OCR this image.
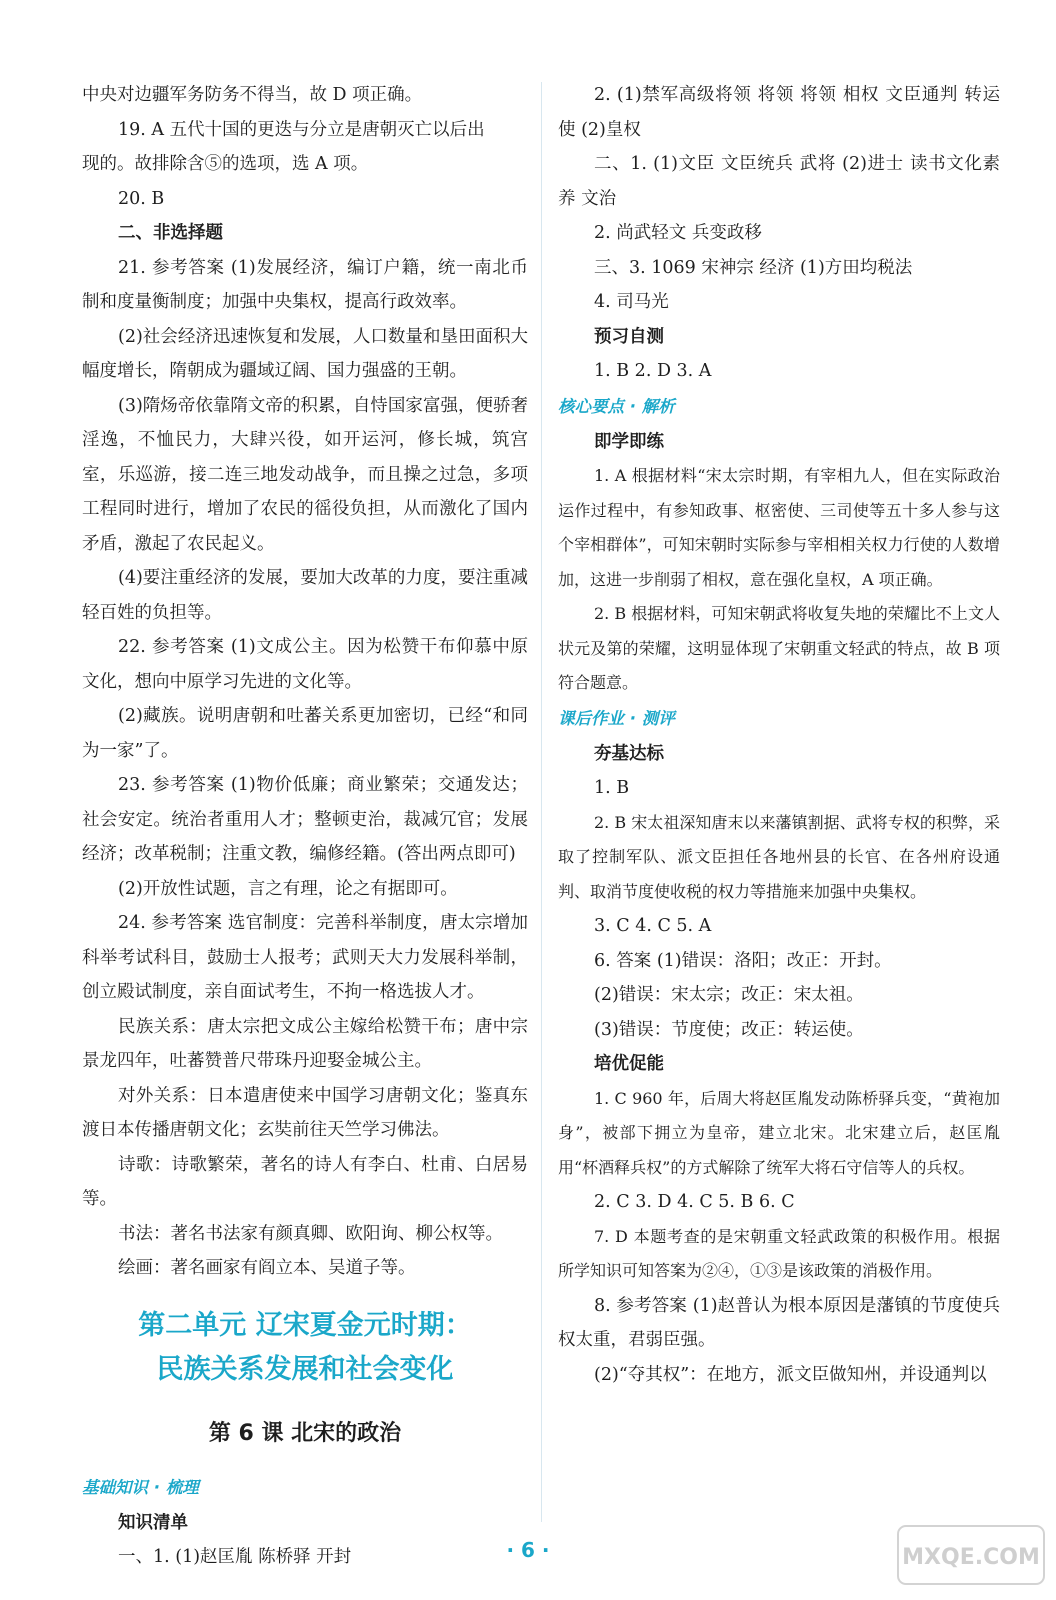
中央对边疆军务防务不得当，故 D 项正确。
19. A 五代十国的更迭与分立是唐朝灭亡以后出
现的。故排除含⑤的选项，选 A 项。
20. B
二、非选择题
21. 参考答案 (1)发展经济，编订户籍，统一南北币制和度量衡制度；加强中央集权，提高行政效率。
(2)社会经济迅速恢复和发展，人口数量和垦田面积大幅度增长，隋朝成为疆域辽阔、国力强盛的王朝。
(3)隋炀帝依靠隋文帝的积累，自恃国家富强，便骄奢淫逸，不恤民力，大肆兴役，如开运河，修长城，筑宫室，乐巡游，接二连三地发动战争，而且操之过急，多项工程同时进行，增加了农民的徭役负担，从而激化了国内矛盾，激起了农民起义。
(4)要注重经济的发展，要加大改革的力度，要注重减轻百姓的负担等。
22. 参考答案 (1)文成公主。因为松赞干布仰慕中原文化，想向中原学习先进的文化等。
(2)藏族。说明唐朝和吐蕃关系更加密切，已经“和同为一家”了。
23. 参考答案 (1)物价低廉；商业繁荣；交通发达；社会安定。统治者重用人才；整顿吏治，裁减冗官；发展经济；改革税制；注重文教，编修经籍。(答出两点即可)
(2)开放性试题，言之有理，论之有据即可。
24. 参考答案 选官制度：完善科举制度，唐太宗增加科举考试科目，鼓励士人报考；武则天大力发展科举制，创立殿试制度，亲自面试考生，不拘一格选拔人才。
民族关系：唐太宗把文成公主嫁给松赞干布；唐中宗景龙四年，吐蕃赞普尺带珠丹迎娶金城公主。
对外关系：日本遣唐使来中国学习唐朝文化；鉴真东渡日本传播唐朝文化；玄奘前往天竺学习佛法。
诗歌：诗歌繁荣，著名的诗人有李白、杜甫、白居易等。
书法：著名书法家有颜真卿、欧阳询、柳公权等。
绘画：著名画家有阎立本、吴道子等。
第二单元 辽宋夏金元时期：
民族关系发展和社会变化
第 6 课 北宋的政治
基础知识 · 梳理
知识清单
一、1. (1)赵匡胤 陈桥驿 开封
2. (1)禁军高级将领 将领 将领 相权 文臣通判 转运使 (2)皇权
二、1. (1)文臣 文臣统兵 武将 (2)进士 读书文化素养 文治
2. 尚武轻文 兵变政移
三、3. 1069 宋神宗 经济 (1)方田均税法
4. 司马光
预习自测
1. B 2. D 3. A
核心要点 · 解析
即学即练
1. A 根据材料“宋太宗时期，有宰相九人，但在实际政治运作过程中，有参知政事、枢密使、三司使等五十多人参与这个宰相群体”，可知宋朝时实际参与宰相相关权力行使的人数增加，这进一步削弱了相权，意在强化皇权，A 项正确。
2. B 根据材料，可知宋朝武将收复失地的荣耀比不上文人状元及第的荣耀，这明显体现了宋朝重文轻武的特点，故 B 项符合题意。
课后作业 · 测评
夯基达标
1. B
2. B 宋太祖深知唐末以来藩镇割据、武将专权的积弊，采取了控制军队、派文臣担任各地州县的长官、在各州府设通判、取消节度使收税的权力等措施来加强中央集权。
3. C 4. C 5. A
6. 答案 (1)错误：洛阳；改正：开封。
(2)错误：宋太宗；改正：宋太祖。
(3)错误：节度使；改正：转运使。
培优促能
1. C 960 年，后周大将赵匡胤发动陈桥驿兵变，“黄袍加身”，被部下拥立为皇帝，建立北宋。北宋建立后，赵匡胤用“杯酒释兵权”的方式解除了统军大将石守信等人的兵权。
2. C 3. D 4. C 5. B 6. C
7. D 本题考查的是宋朝重文轻武政策的积极作用。根据所学知识可知答案为②④，①③是该政策的消极作用。
8. 参考答案 (1)赵普认为根本原因是藩镇的节度使兵权太重，君弱臣强。
(2)“夺其权”：在地方，派文臣做知州，并设通判以
· 6 ·	MXQE.COM
